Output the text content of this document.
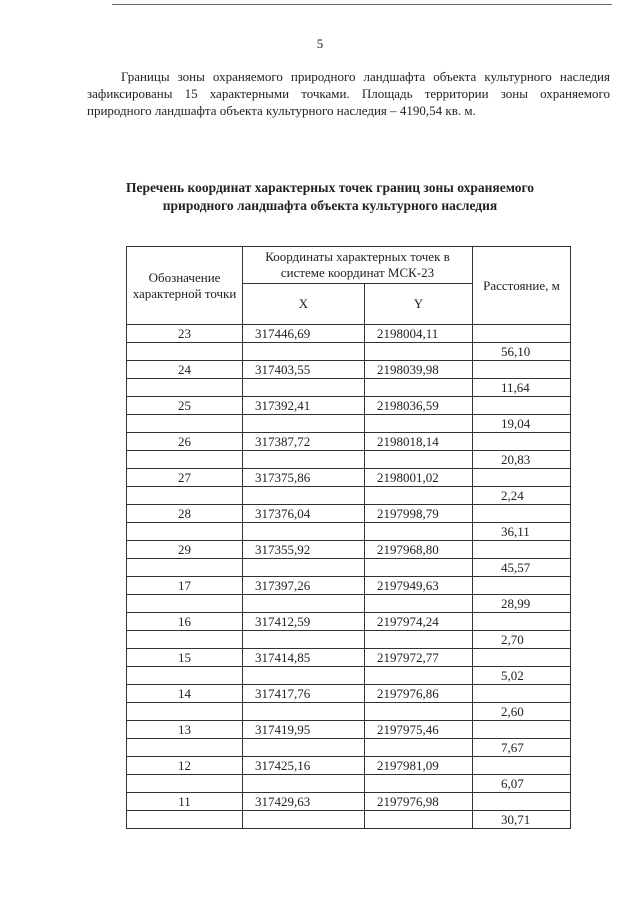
5

Границы зоны охраняемого природного ландшафта объекта культурного наследия зафиксированы 15 характерными точками. Площадь территории зоны охраняемого природного ландшафта объекта культурного наследия – 4190,54 кв. м.

Перечень координат характерных точек границ зоны охраняемого
природного ландшафта объекта культурного наследия
Обозначение характерной точки	Координаты характерных точек в системе координат МСК-23		Расстояние, м
	X	Y	
23	317446,69	2198004,11	
			56,10
24	317403,55	2198039,98	
			11,64
25	317392,41	2198036,59	
			19,04
26	317387,72	2198018,14	
			20,83
27	317375,86	2198001,02	
			2,24
28	317376,04	2197998,79	
			36,11
29	317355,92	2197968,80	
			45,57
17	317397,26	2197949,63	
			28,99
16	317412,59	2197974,24	
			2,70
15	317414,85	2197972,77	
			5,02
14	317417,76	2197976,86	
			2,60
13	317419,95	2197975,46	
			7,67
12	317425,16	2197981,09	
			6,07
11	317429,63	2197976,98	
			30,71
